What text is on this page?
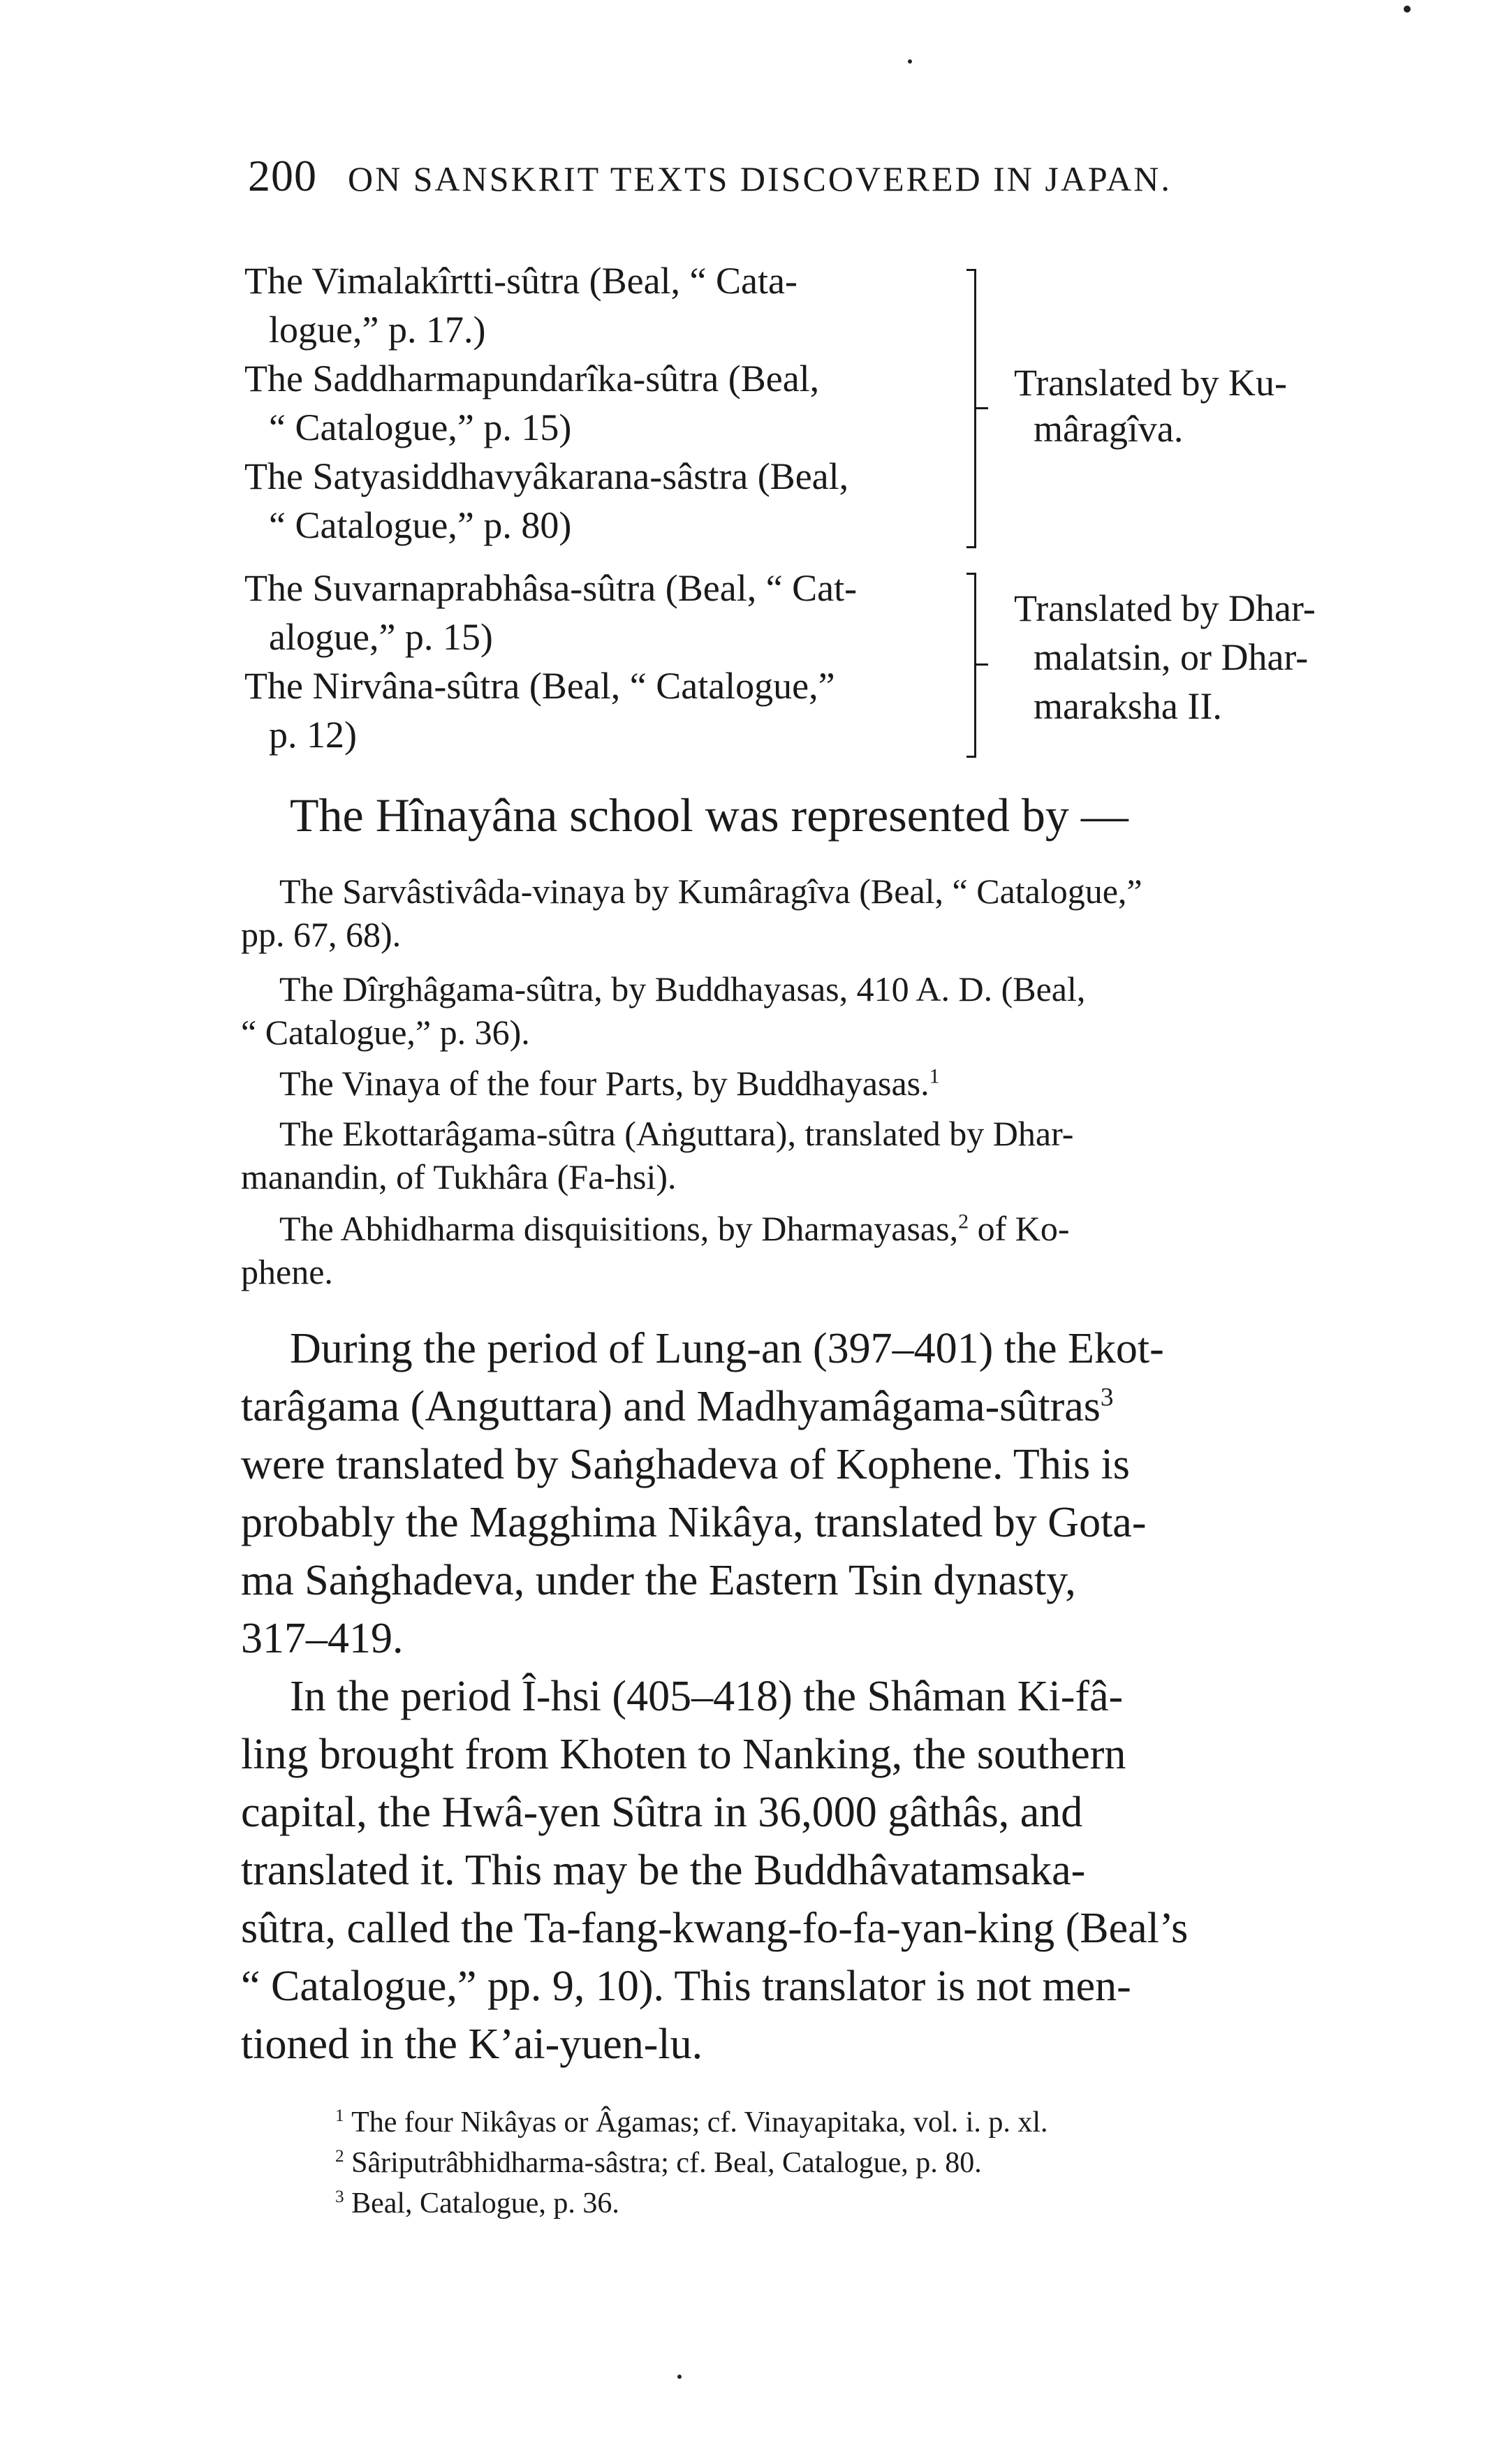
200 ON SANSKRIT TEXTS DISCOVERED IN JAPAN.
The Vimalakîrtti-sûtra (Beal, “ Cata-
logue,” p. 17.)
The Saddharmapundarîka-sûtra (Beal,
“ Catalogue,” p. 15)
The Satyasiddhavyâkarana-sâstra (Beal,
“ Catalogue,” p. 80)
Translated by Ku-
mâragîva.
The Suvarnaprabhâsa-sûtra (Beal, “ Cat-
alogue,” p. 15)
The Nirvâna-sûtra (Beal, “ Catalogue,”
p. 12)
Translated by Dhar-
malatsin, or Dhar-
maraksha II.
The Hînayâna school was represented by —
The Sarvâstivâda-vinaya by Kumâragîva (Beal, “ Catalogue,”
pp. 67, 68).
The Dîrghâgama-sûtra, by Buddhayasas, 410 A. D. (Beal,
“ Catalogue,” p. 36).
The Vinaya of the four Parts, by Buddhayasas.$^1$
The Ekottarâgama-sûtra (Aṅguttara), translated by Dhar-
manandin, of Tukhâra (Fa-hsi).
The Abhidharma disquisitions, by Dharmayasas,$^2$ of Ko-
phene.
During the period of Lung-an (397–401) the Ekot-
tarâgama (Anguttara) and Madhyamâgama-sûtras$^3$
were translated by Saṅghadeva of Kophene. This is
probably the Magghima Nikâya, translated by Gota-
ma Saṅghadeva, under the Eastern Tsin dynasty,
317–419.
In the period Î-hsi (405–418) the Shâman Ki-fâ-
ling brought from Khoten to Nanking, the southern
capital, the Hwâ-yen Sûtra in 36,000 gâthâs, and
translated it. This may be the Buddhâvatamsaka-
sûtra, called the Ta-fang-kwang-fo-fa-yan-king (Beal’s
“ Catalogue,” pp. 9, 10). This translator is not men-
tioned in the K’ai-yuen-lu.
$^1$ The four Nikâyas or Âgamas; cf. Vinayapitaka, vol. i. p. xl.
$^2$ Sâriputrâbhidharma-sâstra; cf. Beal, Catalogue, p. 80.
$^3$ Beal, Catalogue, p. 36.
